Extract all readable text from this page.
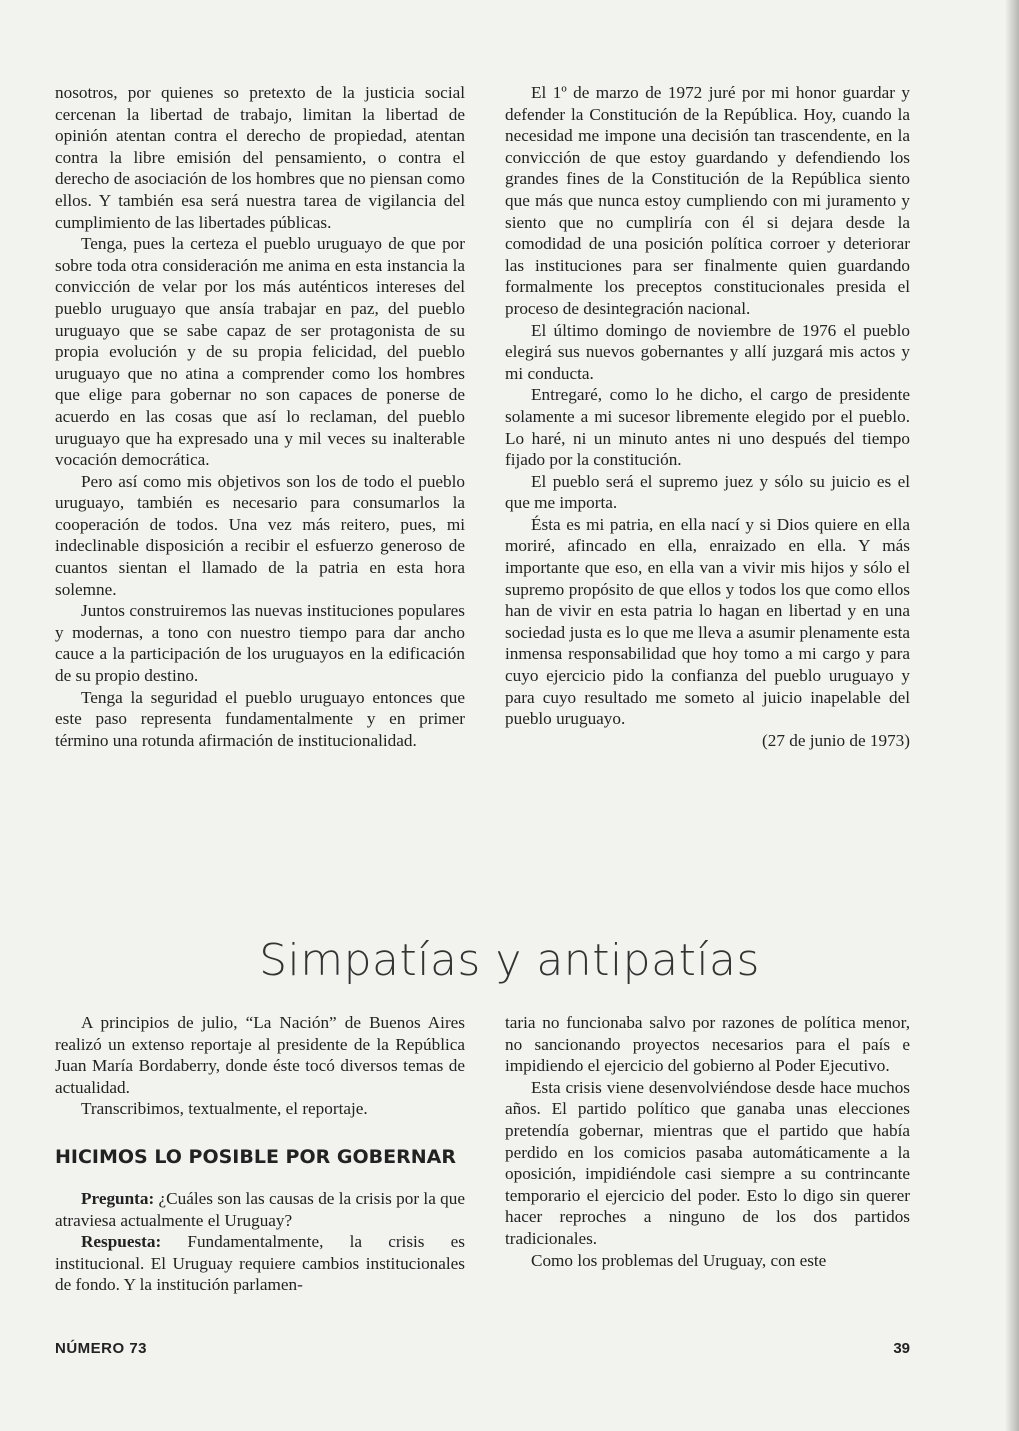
nosotros, por quienes so pretexto de la justicia social cercenan la libertad de trabajo, limitan la libertad de opinión atentan contra el derecho de propiedad, atentan contra la libre emisión del pensamiento, o contra el derecho de asociación de los hombres que no piensan como ellos. Y también esa será nuestra tarea de vigilancia del cumplimiento de las libertades públicas.

Tenga, pues la certeza el pueblo uruguayo de que por sobre toda otra consideración me anima en esta instancia la convicción de velar por los más auténticos intereses del pueblo uruguayo que ansía trabajar en paz, del pueblo uruguayo que se sabe capaz de ser protagonista de su propia evolución y de su propia felicidad, del pueblo uruguayo que no atina a comprender como los hombres que elige para gobernar no son capaces de ponerse de acuerdo en las cosas que así lo reclaman, del pueblo uruguayo que ha expresado una y mil veces su inalterable vocación democrática.

Pero así como mis objetivos son los de todo el pueblo uruguayo, también es necesario para consumarlos la cooperación de todos. Una vez más reitero, pues, mi indeclinable disposición a recibir el esfuerzo generoso de cuantos sientan el llamado de la patria en esta hora solemne.

Juntos construiremos las nuevas instituciones populares y modernas, a tono con nuestro tiempo para dar ancho cauce a la participación de los uruguayos en la edificación de su propio destino.

Tenga la seguridad el pueblo uruguayo entonces que este paso representa fundamentalmente y en primer término una rotunda afirmación de institucionalidad.

El 1º de marzo de 1972 juré por mi honor guardar y defender la Constitución de la República. Hoy, cuando la necesidad me impone una decisión tan trascendente, en la convicción de que estoy guardando y defendiendo los grandes fines de la Constitución de la República siento que más que nunca estoy cumpliendo con mi juramento y siento que no cumpliría con él si dejara desde la comodidad de una posición política corroer y deteriorar las instituciones para ser finalmente quien guardando formalmente los preceptos constitucionales presida el proceso de desintegración nacional.

El último domingo de noviembre de 1976 el pueblo elegirá sus nuevos gobernantes y allí juzgará mis actos y mi conducta.

Entregaré, como lo he dicho, el cargo de presidente solamente a mi sucesor libremente elegido por el pueblo. Lo haré, ni un minuto antes ni uno después del tiempo fijado por la constitución.

El pueblo será el supremo juez y sólo su juicio es el que me importa.

Ésta es mi patria, en ella nací y si Dios quiere en ella moriré, afincado en ella, enraizado en ella. Y más importante que eso, en ella van a vivir mis hijos y sólo el supremo propósito de que ellos y todos los que como ellos han de vivir en esta patria lo hagan en libertad y en una sociedad justa es lo que me lleva a asumir plenamente esta inmensa responsabilidad que hoy tomo a mi cargo y para cuyo ejercicio pido la confianza del pueblo uruguayo y para cuyo resultado me someto al juicio inapelable del pueblo uruguayo.

(27 de junio de 1973)

Simpatías y antipatías

A principios de julio, “La Nación” de Buenos Aires realizó un extenso reportaje al presidente de la República Juan María Bordaberry, donde éste tocó diversos temas de actualidad.

Transcribimos, textualmente, el reportaje.

HICIMOS LO POSIBLE POR GOBERNAR

Pregunta: ¿Cuáles son las causas de la crisis por la que atraviesa actualmente el Uruguay?

Respuesta: Fundamentalmente, la crisis es institucional. El Uruguay requiere cambios institucionales de fondo. Y la institución parlamen-

taria no funcionaba salvo por razones de política menor, no sancionando proyectos necesarios para el país e impidiendo el ejercicio del gobierno al Poder Ejecutivo.

Esta crisis viene desenvolviéndose desde hace muchos años. El partido político que ganaba unas elecciones pretendía gobernar, mientras que el partido que había perdido en los comicios pasaba automáticamente a la oposición, impidiéndole casi siempre a su contrincante temporario el ejercicio del poder. Esto lo digo sin querer hacer reproches a ninguno de los dos partidos tradicionales.

Como los problemas del Uruguay, con este

NÚMERO 73	39
